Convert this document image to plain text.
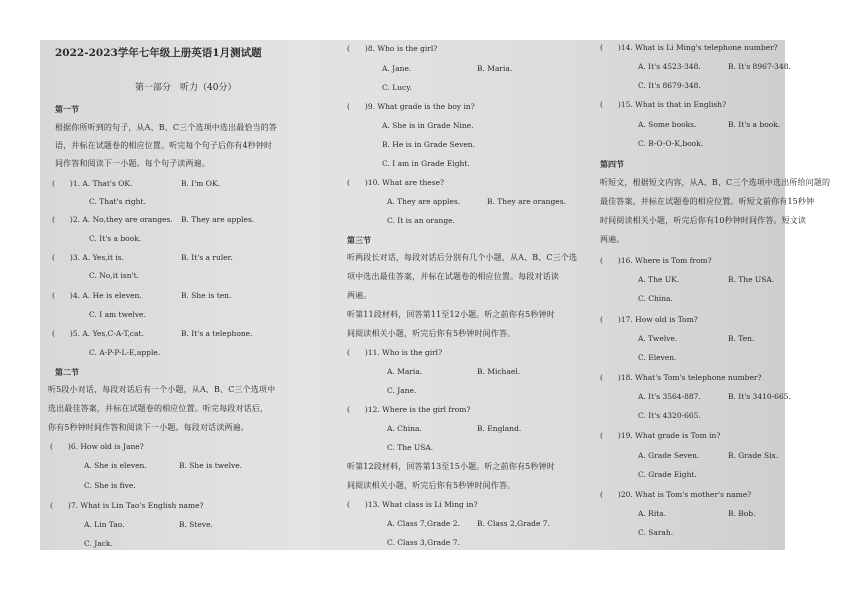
2022-2023学年七年级上册英语1月测试题
第一部分　听力（40分）
第一节
根据你所听到的句子，从A、B、C三个选项中选出最恰当的答
语，并标在试题卷的相应位置。听完每个句子后你有4秒钟时
间作答和阅读下一小题。每个句子读两遍。
(　　)1. A. That's OK.	B. I'm OK.
C. That's right.
(　　)2. A. No,they are oranges. B. They are apples.
C. It's a book.
(　　)3. A. Yes,it is.	B. It's a ruler.
C. No,it isn't.
(　　)4. A. He is eleven.	B. She is ten.
C. I am twelve.
(　　)5. A. Yes,C-A-T,cat.	B. It's a telephone.
C. A-P-P-L-E,apple.
第二节
听5段小对话，每段对话后有一个小题，从A、B、C三个选项中
选出最佳答案，并标在试题卷的相应位置。听完每段对话后，
你有5秒钟时间作答和阅读下一小题。每段对话读两遍。
(　　)6. How old is Jane?
A. She is eleven.	B. She is twelve.
C. She is five.
(　　)7. What is Lin Tao's English name?
A. Lin Tao.	B. Steve.
C. Jack.
(　　)8. Who is the girl?
A. Jane.	B. Maria.
C. Lucy.
(　　)9. What grade is the boy in?
A. She is in Grade Nine.
B. He is in Grade Seven.
C. I am in Grade Eight.
(　　)10. What are these?
A. They are apples.	B. They are oranges.
C. It is an orange.
第三节
听两段长对话，每段对话后分别有几个小题，从A、B、C三个选
项中选出最佳答案，并标在试题卷的相应位置。每段对话读
两遍。
听第11段材料，回答第11至12小题。听之前你有5秒钟时
间阅读相关小题，听完后你有5秒钟时间作答。
(　　)11. Who is the girl?
A. Maria.	B. Michael.
C. Jane.
(　　)12. Where is the girl from?
A. China.	B. England.
C. The USA.
听第12段材料，回答第13至15小题。听之前你有5秒钟时
间阅读相关小题，听完后你有5秒钟时间作答。
(　　)13. What class is Li Ming in?
A. Class 7,Grade 2. B. Class 2,Grade 7.
C. Class 3,Grade 7.
(　　)14. What is Li Ming's telephone number?
A. It's 4523-348.	B. It's 8967-348.
C. It's 8679-348.
(　　)15. What is that in English?
A. Some books.	B. It's a book.
C. B-O-O-K,book.
第四节
听短文，根据短文内容，从A、B、C三个选项中选出所给问题的
最佳答案，并标在试题卷的相应位置。听短文前你有15秒钟
时间阅读相关小题，听完后你有10秒钟时间作答。短文读
两遍。
(　　)16. Where is Tom from?
A. The UK.	B. The USA.
C. China.
(　　)17. How old is Tom?
A. Twelve.	B. Ten.
C. Eleven.
(　　)18. What's Tom's telephone number?
A. It's 3564-887.	B. It's 3410-665.
C. It's 4320-665.
(　　)19. What grade is Tom in?
A. Grade Seven.	B. Grade Six.
C. Grade Eight.
(　　)20. What is Tom's mother's name?
A. Rita.	B. Bob.
C. Sarah.
